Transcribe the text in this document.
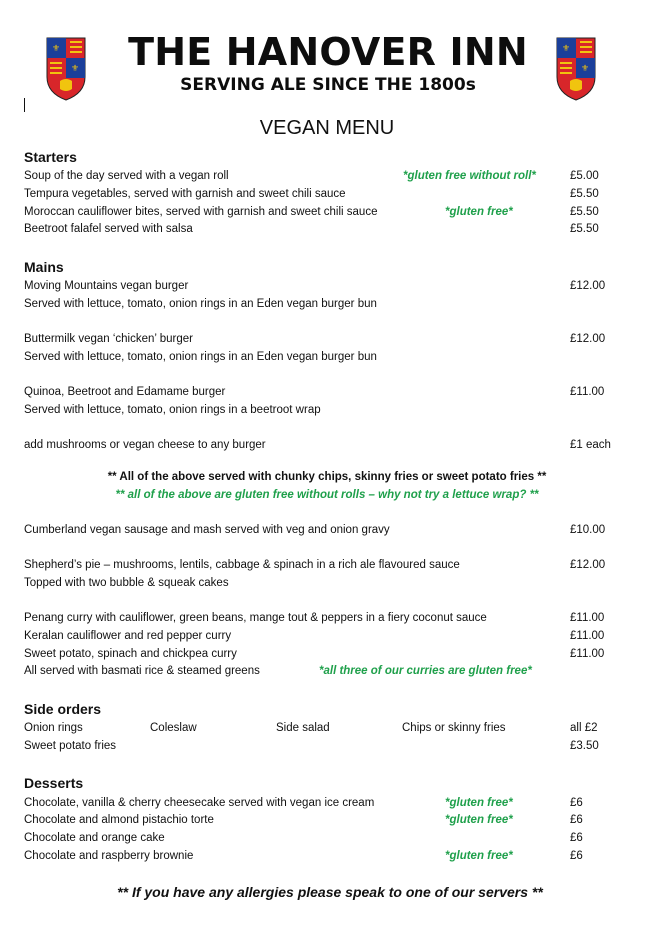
⚜
⚜
⚜
⚜
THE HANOVER INN
SERVING ALE SINCE THE 1800s
VEGAN MENU
Starters
Soup of the day served with a vegan roll	*gluten free without roll*	£5.00
Tempura vegetables, served with garnish and sweet chili sauce	£5.50
Moroccan cauliflower bites, served with garnish and sweet chili sauce	*gluten free*	£5.50
Beetroot falafel served with salsa	£5.50
Mains
Moving Mountains vegan burger	£12.00
Served with lettuce, tomato, onion rings in an Eden vegan burger bun
Buttermilk vegan ‘chicken’ burger	£12.00
Served with lettuce, tomato, onion rings in an Eden vegan burger bun
Quinoa, Beetroot and Edamame burger	£11.00
Served with lettuce, tomato, onion rings in a beetroot wrap
add mushrooms or vegan cheese to any burger	£1 each
** All of the above served with chunky chips, skinny fries or sweet potato fries **
** all of the above are gluten free without rolls – why not try a lettuce wrap? **
Cumberland vegan sausage and mash served with veg and onion gravy	£10.00
Shepherd’s pie – mushrooms, lentils, cabbage & spinach in a rich ale flavoured sauce	£12.00
Topped with two bubble & squeak cakes
Penang curry with cauliflower, green beans, mange tout & peppers in a fiery coconut sauce	£11.00
Keralan cauliflower and red pepper curry	£11.00
Sweet potato, spinach and chickpea curry	£11.00
All served with basmati rice & steamed greens	*all three of our curries are gluten free*
Side orders
Onion rings	Coleslaw	Side salad	Chips or skinny fries	all £2
Sweet potato fries	£3.50
Desserts
Chocolate, vanilla & cherry cheesecake served with vegan ice cream	*gluten free*	£6
Chocolate and almond pistachio torte	*gluten free*	£6
Chocolate and orange cake	£6
Chocolate and raspberry brownie	*gluten free*	£6
** If you have any allergies please speak to one of our servers **
